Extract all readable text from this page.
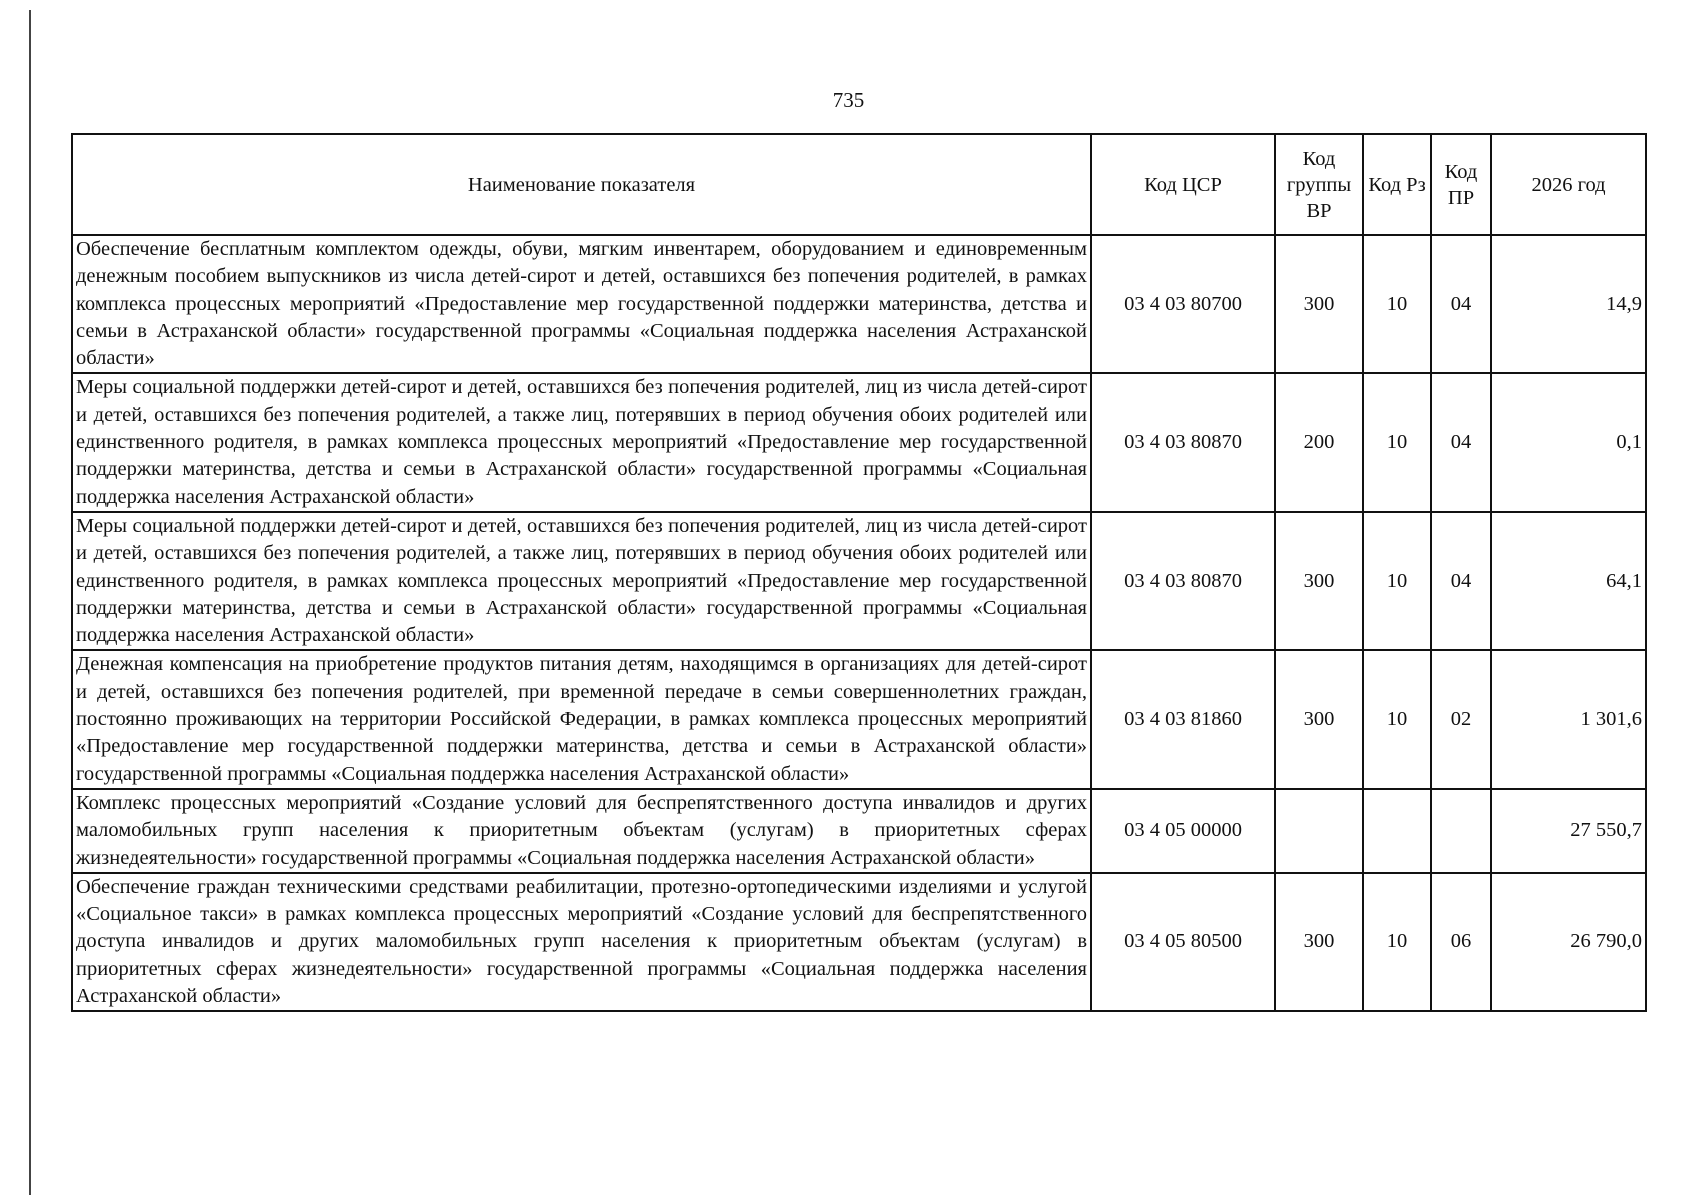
735
Наименование показателя	Код ЦСР	Код группы ВР	Код Рз	Код ПР	2026 год
Обеспечение бесплатным комплектом одежды, обуви, мягким инвентарем, оборудованием и единовременным денежным пособием выпускников из числа детей-сирот и детей, оставшихся без попечения родителей, в рамках комплекса процессных мероприятий «Предоставление мер государственной поддержки материнства, детства и семьи в Астраханской области» государственной программы «Социальная поддержка населения Астраханской области»	03 4 03 80700	300	10	04	14,9
Меры социальной поддержки детей-сирот и детей, оставшихся без попечения родителей, лиц из числа детей-сирот и детей, оставшихся без попечения родителей, а также лиц, потерявших в период обучения обоих родителей или единственного родителя, в рамках комплекса процессных мероприятий «Предоставление мер государственной поддержки материнства, детства и семьи в Астраханской области» государственной программы «Социальная поддержка населения Астраханской области»	03 4 03 80870	200	10	04	0,1
Меры социальной поддержки детей-сирот и детей, оставшихся без попечения родителей, лиц из числа детей-сирот и детей, оставшихся без попечения родителей, а также лиц, потерявших в период обучения обоих родителей или единственного родителя, в рамках комплекса процессных мероприятий «Предоставление мер государственной поддержки материнства, детства и семьи в Астраханской области» государственной программы «Социальная поддержка населения Астраханской области»	03 4 03 80870	300	10	04	64,1
Денежная компенсация на приобретение продуктов питания детям, находящимся в организациях для детей-сирот и детей, оставшихся без попечения родителей, при временной передаче в семьи совершеннолетних граждан, постоянно проживающих на территории Российской Федерации, в рамках комплекса процессных мероприятий «Предоставление мер государственной поддержки материнства, детства и семьи в Астраханской области» государственной программы «Социальная поддержка населения Астраханской области»	03 4 03 81860	300	10	02	1 301,6
Комплекс процессных мероприятий «Создание условий для беспрепятственного доступа инвалидов и других маломобильных групп населения к приоритетным объектам (услугам) в приоритетных сферах жизнедеятельности» государственной программы «Социальная поддержка населения Астраханской области»	03 4 05 00000				27 550,7
Обеспечение граждан техническими средствами реабилитации, протезно-ортопедическими изделиями и услугой «Социальное такси» в рамках комплекса процессных мероприятий «Создание условий для беспрепятственного доступа инвалидов и других маломобильных групп населения к приоритетным объектам (услугам) в приоритетных сферах жизнедеятельности» государственной программы «Социальная поддержка населения Астраханской области»	03 4 05 80500	300	10	06	26 790,0
